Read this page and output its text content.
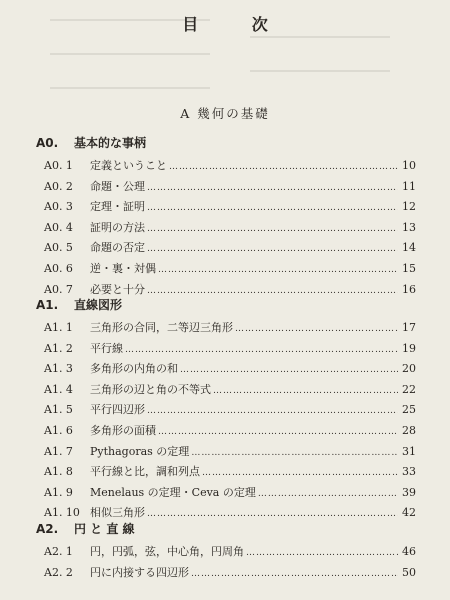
目 次
A 幾何の基礎
A0. 基本的な事柄
A0. 1	定義ということ ……………………………………………………………………………………………………………………………………	10
A0. 2	命題・公理 ……………………………………………………………………………………………………………………………………	11
A0. 3	定理・証明 ……………………………………………………………………………………………………………………………………	12
A0. 4	証明の方法 ……………………………………………………………………………………………………………………………………	13
A0. 5	命題の否定 ……………………………………………………………………………………………………………………………………	14
A0. 6	逆・裏・対偶 ……………………………………………………………………………………………………………………………………	15
A0. 7	必要と十分 ……………………………………………………………………………………………………………………………………	16
A1. 直線図形
A1. 1	三角形の合同，二等辺三角形 ……………………………………………………………………………………………………………………………………	17
A1. 2	平行線 ……………………………………………………………………………………………………………………………………	19
A1. 3	多角形の内角の和 ……………………………………………………………………………………………………………………………………	20
A1. 4	三角形の辺と角の不等式 ……………………………………………………………………………………………………………………………………	22
A1. 5	平行四辺形 ……………………………………………………………………………………………………………………………………	25
A1. 6	多角形の面積 ……………………………………………………………………………………………………………………………………	28
A1. 7	Pythagoras の定理 ……………………………………………………………………………………………………………………………………	31
A1. 8	平行線と比，調和列点 ……………………………………………………………………………………………………………………………………	33
A1. 9	Menelaus の定理・Ceva の定理 ……………………………………………………………………………………………………………………………………	39
A1. 10 相似三角形 ……………………………………………………………………………………………………………………………………	42
A2. 円 と 直 線
A2. 1	円，円弧，弦，中心角，円周角 ……………………………………………………………………………………………………………………………………	46
A2. 2	円に内接する四辺形 ……………………………………………………………………………………………………………………………………	50
